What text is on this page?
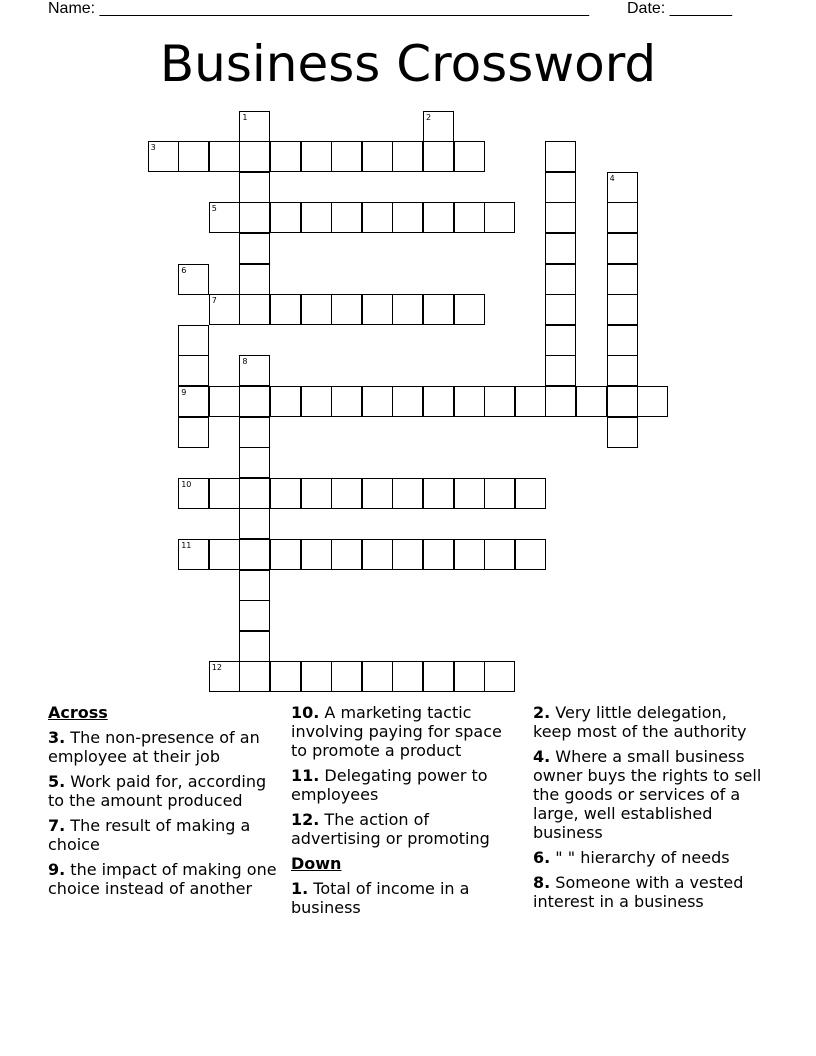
Name: _______________________________________________________ Date: _______
Business Crossword
1	2
3
4
5
6
7
8
9
10
11
12
Across
3. The non-presence of an employee at their job
5. Work paid for, according to the amount produced
7. The result of making a choice
9. the impact of making one choice instead of another
10. A marketing tactic involving paying for space to promote a product
11. Delegating power to employees
12. The action of advertising or promoting
Down
1. Total of income in a business
2. Very little delegation, keep most of the authority
4. Where a small business owner buys the rights to sell the goods or services of a large, well established business
6. " " hierarchy of needs
8. Someone with a vested interest in a business
